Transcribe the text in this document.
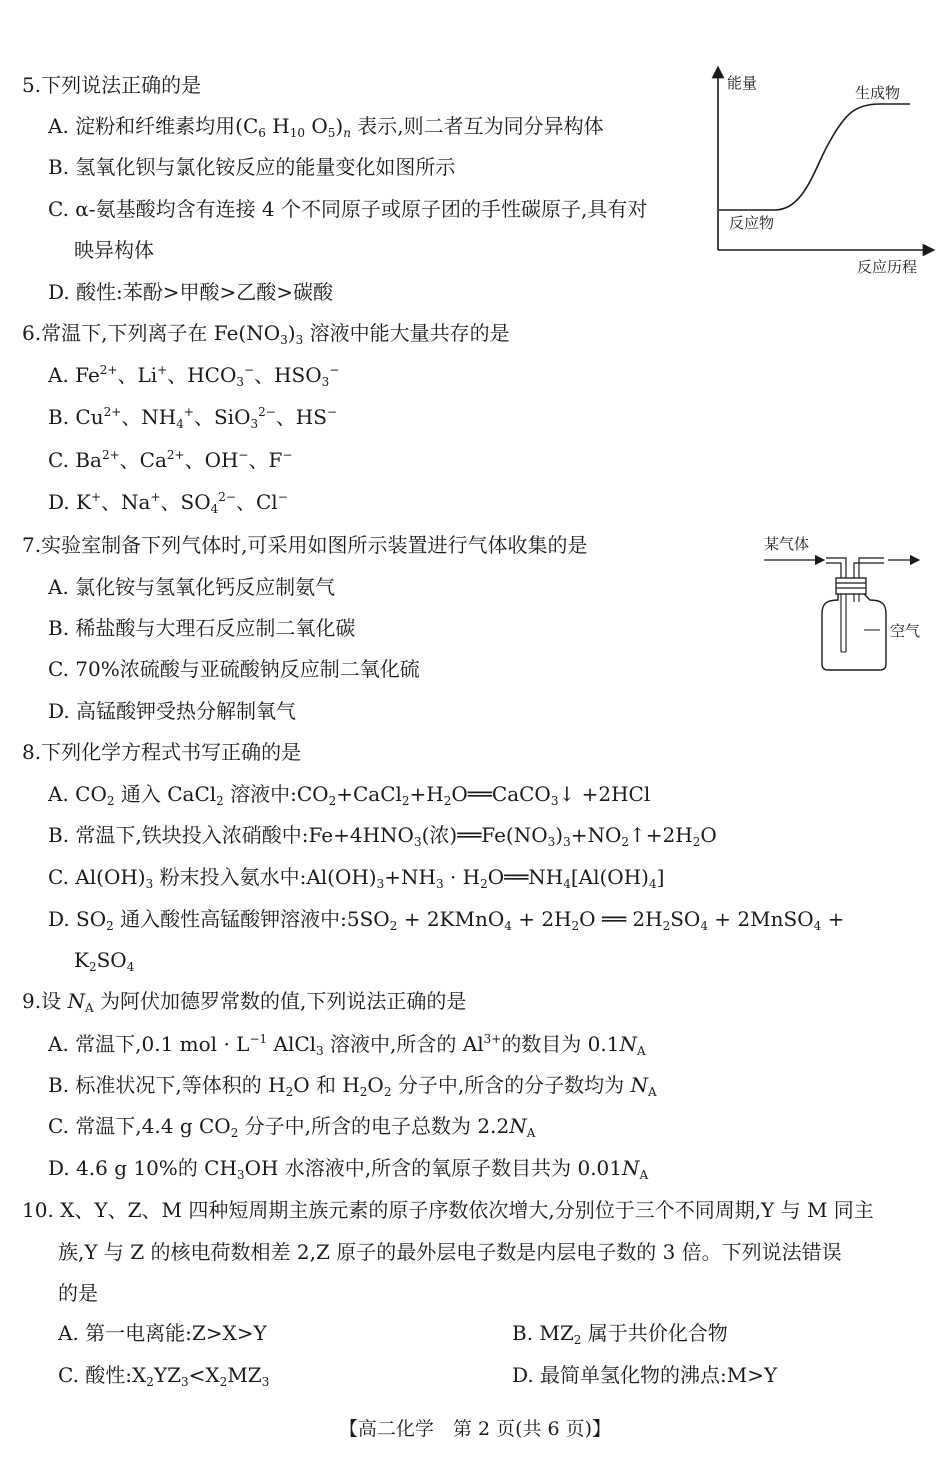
5.下列说法正确的是
A. 淀粉和纤维素均用($C_6$ $H_{10}$ $O_5)_n$ 表示,则二者互为同分异构体
B. 氢氧化钡与氯化铵反应的能量变化如图所示
C. α-氨基酸均含有连接 4 个不同原子或原子团的手性碳原子,具有对
映异构体
D. 酸性:苯酚>甲酸>乙酸>碳酸
能量
生成物
反应物
反应历程
6.常温下,下列离子在 $Fe(NO_3)_3$ 溶液中能大量共存的是
A. $Fe^{2+}$、Li+、$HCO_3^-$、$HSO_3^-$
B. $Cu^{2+}$、$NH_4^+$、SiO$_3^{2-}$、HS−
C. $Ba^{2+}$、$Ca^{2+}$、OH−、F−
D. K+、Na+、$SO_4^{2-}$、Cl−
7.实验室制备下列气体时,可采用如图所示装置进行气体收集的是
A. 氯化铵与氢氧化钙反应制氨气
B. 稀盐酸与大理石反应制二氧化碳
C. 70%浓硫酸与亚硫酸钠反应制二氧化硫
D. 高锰酸钾受热分解制氧气
某气体
空气
8.下列化学方程式书写正确的是
A. $CO_2$ 通入 CaCl$_2$ 溶液中$:CO_2+CaCl_2+H_2O══CaCO_3↓ +2HCl$
B. 常温下,铁块投入浓硝酸中$:Fe+4HNO_3$(浓)$══Fe(NO_3)_3+NO_2↑+2H_2O$
C. $Al(OH)_3$ 粉末投入氨水中$:Al(OH)_3+NH_3$ · $H_2O══NH_4[Al(OH)_4]$
D. $SO_2$ 通入酸性高锰酸钾溶液中$:5SO_2$ + 2KMnO$_4$ + $2H_2O$ ══ $2H_2SO_4$ + 2MnSO$_4$ +
$K_2SO_4$
9.设 $N_A$ 为阿伏加德罗常数的值,下列说法正确的是
A. 常温下,0.1 mol · $L^{-1}$ AlCl$_3$ 溶液中,所含的 $Al^{3+}$的数目为 $0.1N_A$
B. 标准状况下,等体积的 $H_2O$ 和 $H_2O_2$ 分子中,所含的分子数均为 $N_A$
C. 常温下,4.4 g $CO_2$ 分子中,所含的电子总数为 $2.2N_A$
D. 4.6 g 10%的 $CH_3OH$ 水溶液中,所含的氧原子数目共为 $0.01N_A$
10. X、Y、Z、M 四种短周期主族元素的原子序数依次增大,分别位于三个不同周期,Y 与 M 同主
族,Y 与 Z 的核电荷数相差 2,Z 原子的最外层电子数是内层电子数的 3 倍。下列说法错误
的是
A. 第一电离能:Z>X>Y	B. $MZ_2$ 属于共价化合物
C. 酸性$:X_2YZ_3<X_2MZ_3$	D. 最简单氢化物的沸点:M>Y
【高二化学　第 2 页(共 6 页)】
